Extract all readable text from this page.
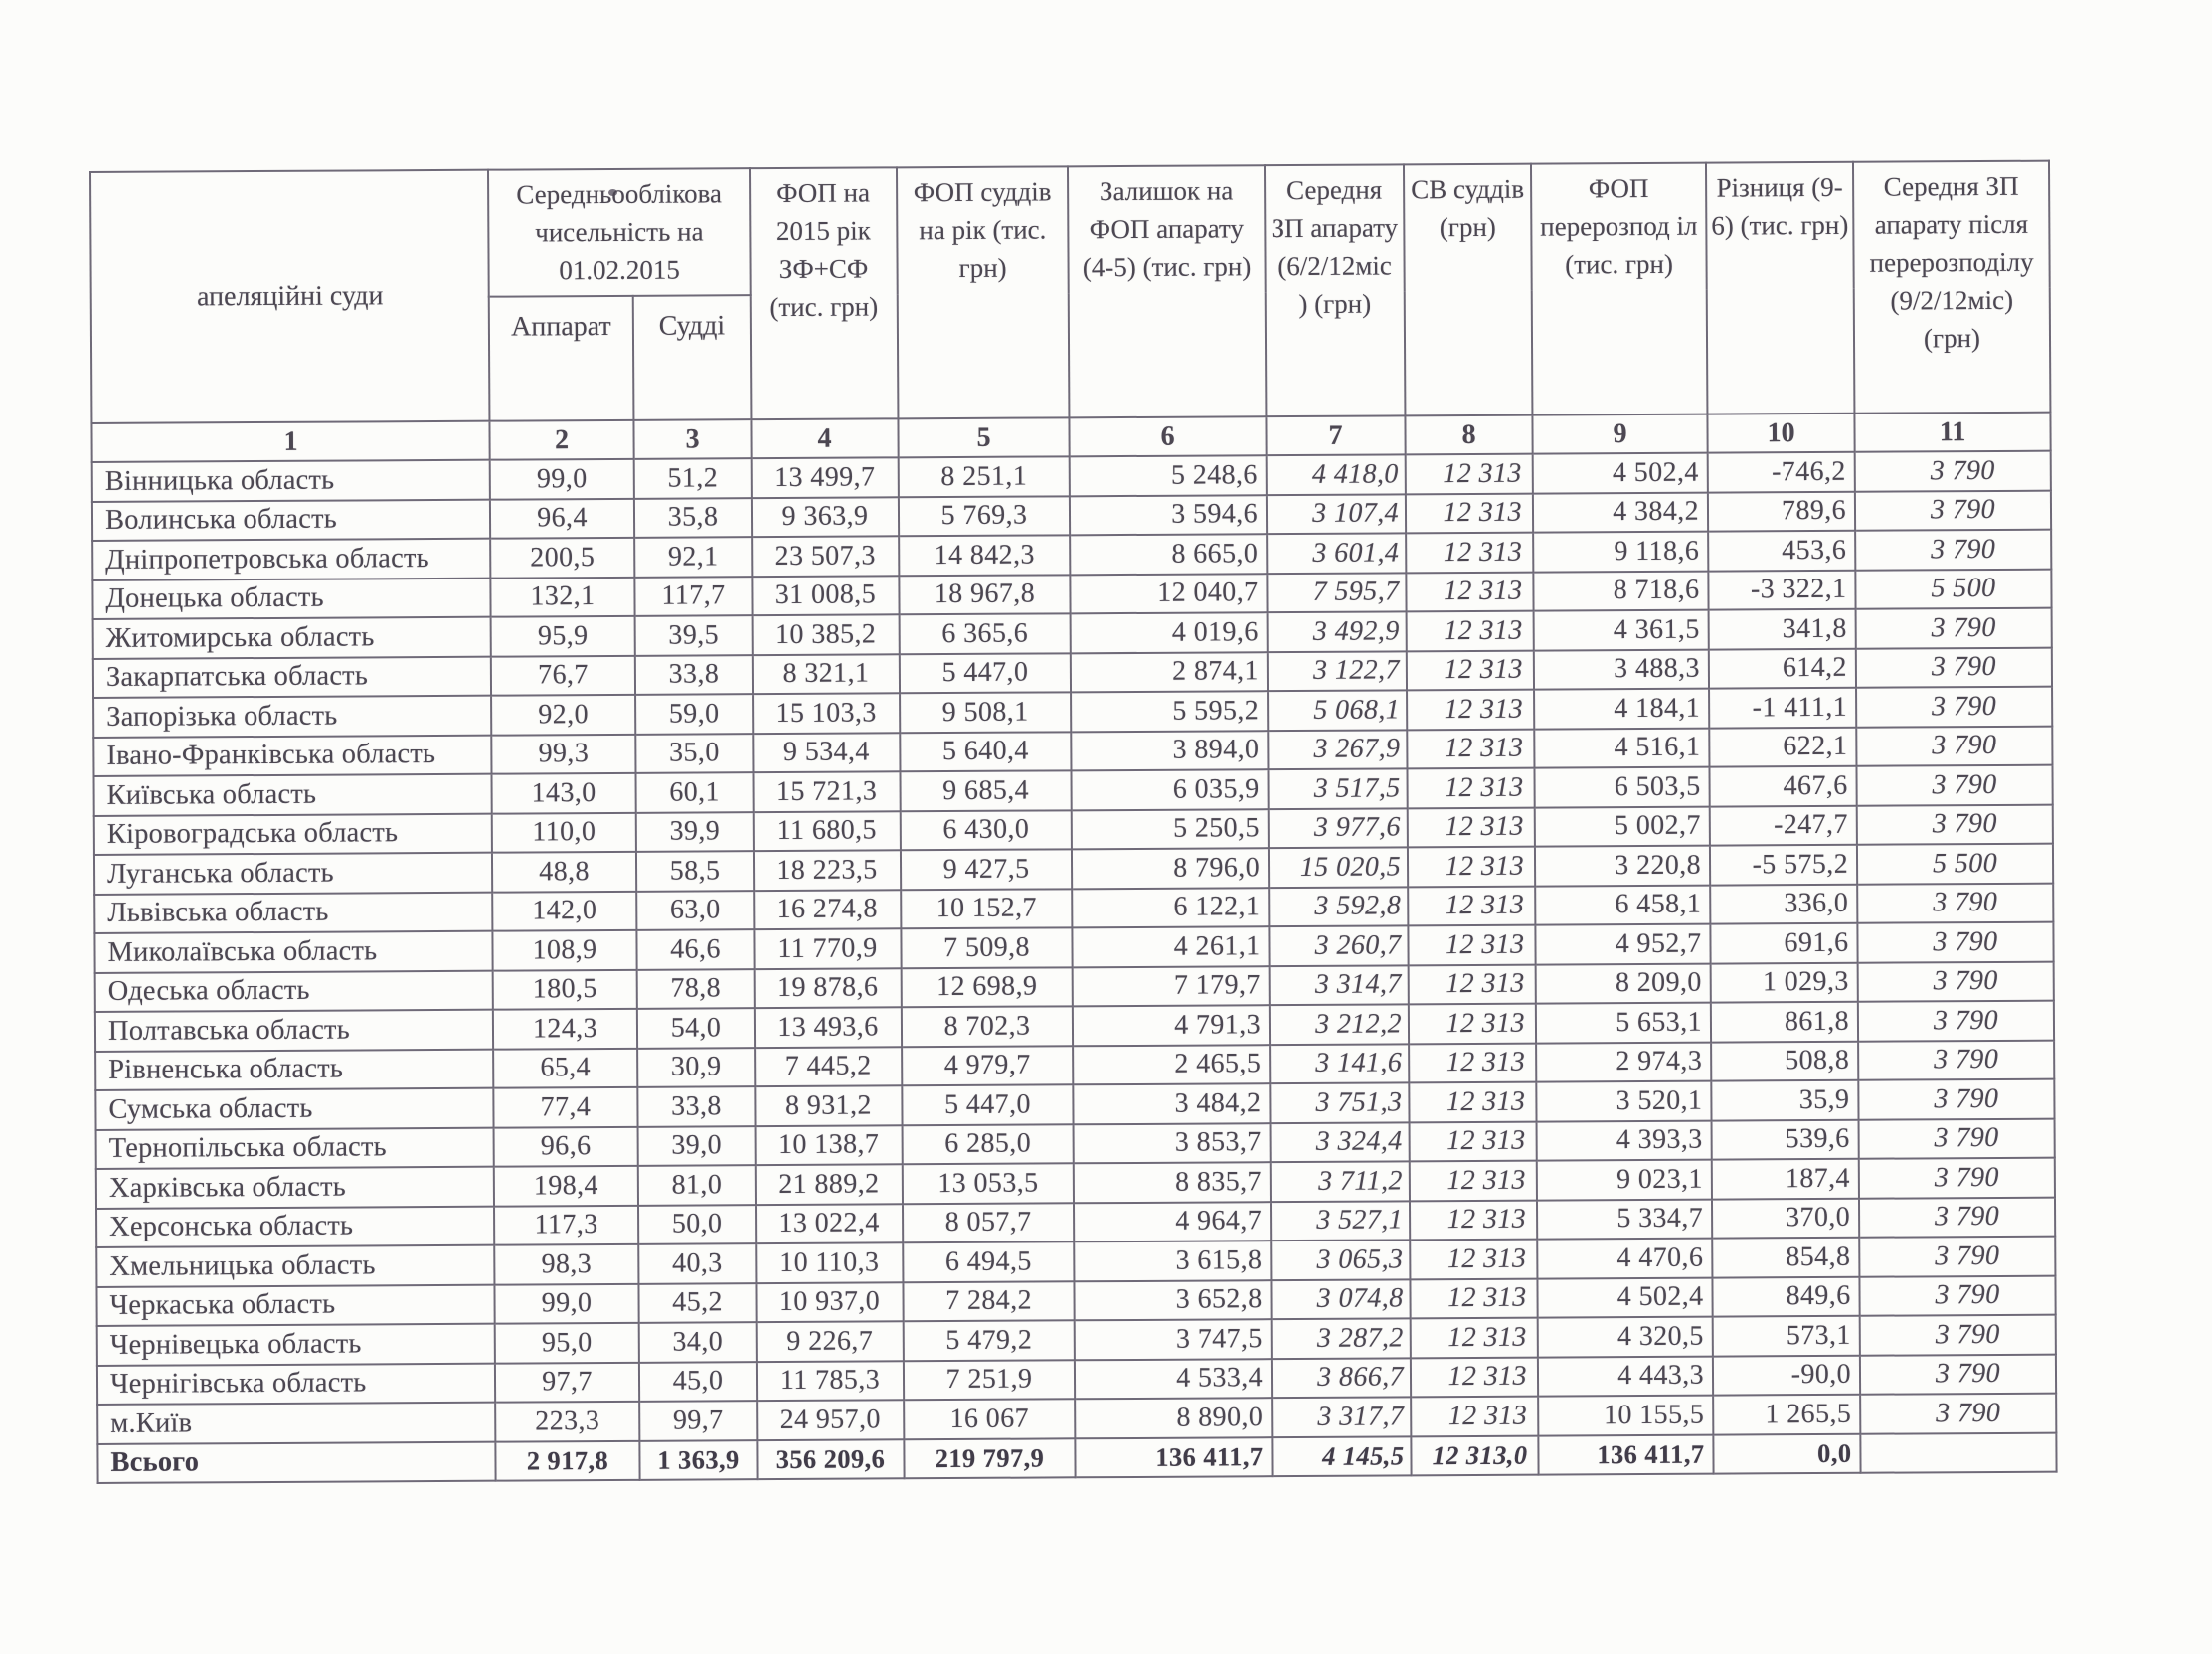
апеляційні суди	Середньооблікова чисельність на 01.02.2015		ФОП на 2015 рік ЗФ+СФ (тис. грн)	ФОП суддів на рік (тис. грн)	Залишок на ФОП апарату (4-5) (тис. грн)	Середня ЗП апарату (6/2/12міс ) (грн)	СВ суддів (грн)	ФОП перерозпод іл (тис. грн)	Різниця (9- 6) (тис. грн)	Середня ЗП апарату після перерозподілу (9/2/12міс) (грн)
	Аппарат	Судді								
1	2	3	4	5	6	7	8	9	10	11
Вінницька область	99,0	51,2	13 499,7	8 251,1	5 248,6	4 418,0	12 313	4 502,4	-746,2	3 790
Волинська область	96,4	35,8	9 363,9	5 769,3	3 594,6	3 107,4	12 313	4 384,2	789,6	3 790
Дніпропетровська область	200,5	92,1	23 507,3	14 842,3	8 665,0	3 601,4	12 313	9 118,6	453,6	3 790
Донецька область	132,1	117,7	31 008,5	18 967,8	12 040,7	7 595,7	12 313	8 718,6	-3 322,1	5 500
Житомирська область	95,9	39,5	10 385,2	6 365,6	4 019,6	3 492,9	12 313	4 361,5	341,8	3 790
Закарпатська область	76,7	33,8	8 321,1	5 447,0	2 874,1	3 122,7	12 313	3 488,3	614,2	3 790
Запорізька область	92,0	59,0	15 103,3	9 508,1	5 595,2	5 068,1	12 313	4 184,1	-1 411,1	3 790
Івано-Франківська область	99,3	35,0	9 534,4	5 640,4	3 894,0	3 267,9	12 313	4 516,1	622,1	3 790
Київська область	143,0	60,1	15 721,3	9 685,4	6 035,9	3 517,5	12 313	6 503,5	467,6	3 790
Кіровоградська область	110,0	39,9	11 680,5	6 430,0	5 250,5	3 977,6	12 313	5 002,7	-247,7	3 790
Луганська область	48,8	58,5	18 223,5	9 427,5	8 796,0	15 020,5	12 313	3 220,8	-5 575,2	5 500
Львівська область	142,0	63,0	16 274,8	10 152,7	6 122,1	3 592,8	12 313	6 458,1	336,0	3 790
Миколаївська область	108,9	46,6	11 770,9	7 509,8	4 261,1	3 260,7	12 313	4 952,7	691,6	3 790
Одеська область	180,5	78,8	19 878,6	12 698,9	7 179,7	3 314,7	12 313	8 209,0	1 029,3	3 790
Полтавська область	124,3	54,0	13 493,6	8 702,3	4 791,3	3 212,2	12 313	5 653,1	861,8	3 790
Рівненська область	65,4	30,9	7 445,2	4 979,7	2 465,5	3 141,6	12 313	2 974,3	508,8	3 790
Сумська область	77,4	33,8	8 931,2	5 447,0	3 484,2	3 751,3	12 313	3 520,1	35,9	3 790
Тернопільська область	96,6	39,0	10 138,7	6 285,0	3 853,7	3 324,4	12 313	4 393,3	539,6	3 790
Харківська область	198,4	81,0	21 889,2	13 053,5	8 835,7	3 711,2	12 313	9 023,1	187,4	3 790
Херсонська область	117,3	50,0	13 022,4	8 057,7	4 964,7	3 527,1	12 313	5 334,7	370,0	3 790
Хмельницька область	98,3	40,3	10 110,3	6 494,5	3 615,8	3 065,3	12 313	4 470,6	854,8	3 790
Черкаська область	99,0	45,2	10 937,0	7 284,2	3 652,8	3 074,8	12 313	4 502,4	849,6	3 790
Чернівецька область	95,0	34,0	9 226,7	5 479,2	3 747,5	3 287,2	12 313	4 320,5	573,1	3 790
Чернігівська область	97,7	45,0	11 785,3	7 251,9	4 533,4	3 866,7	12 313	4 443,3	-90,0	3 790
м.Київ	223,3	99,7	24 957,0	16 067	8 890,0	3 317,7	12 313	10 155,5	1 265,5	3 790
Всього	2 917,8	1 363,9	356 209,6	219 797,9	136 411,7	4 145,5	12 313,0	136 411,7	0,0	
